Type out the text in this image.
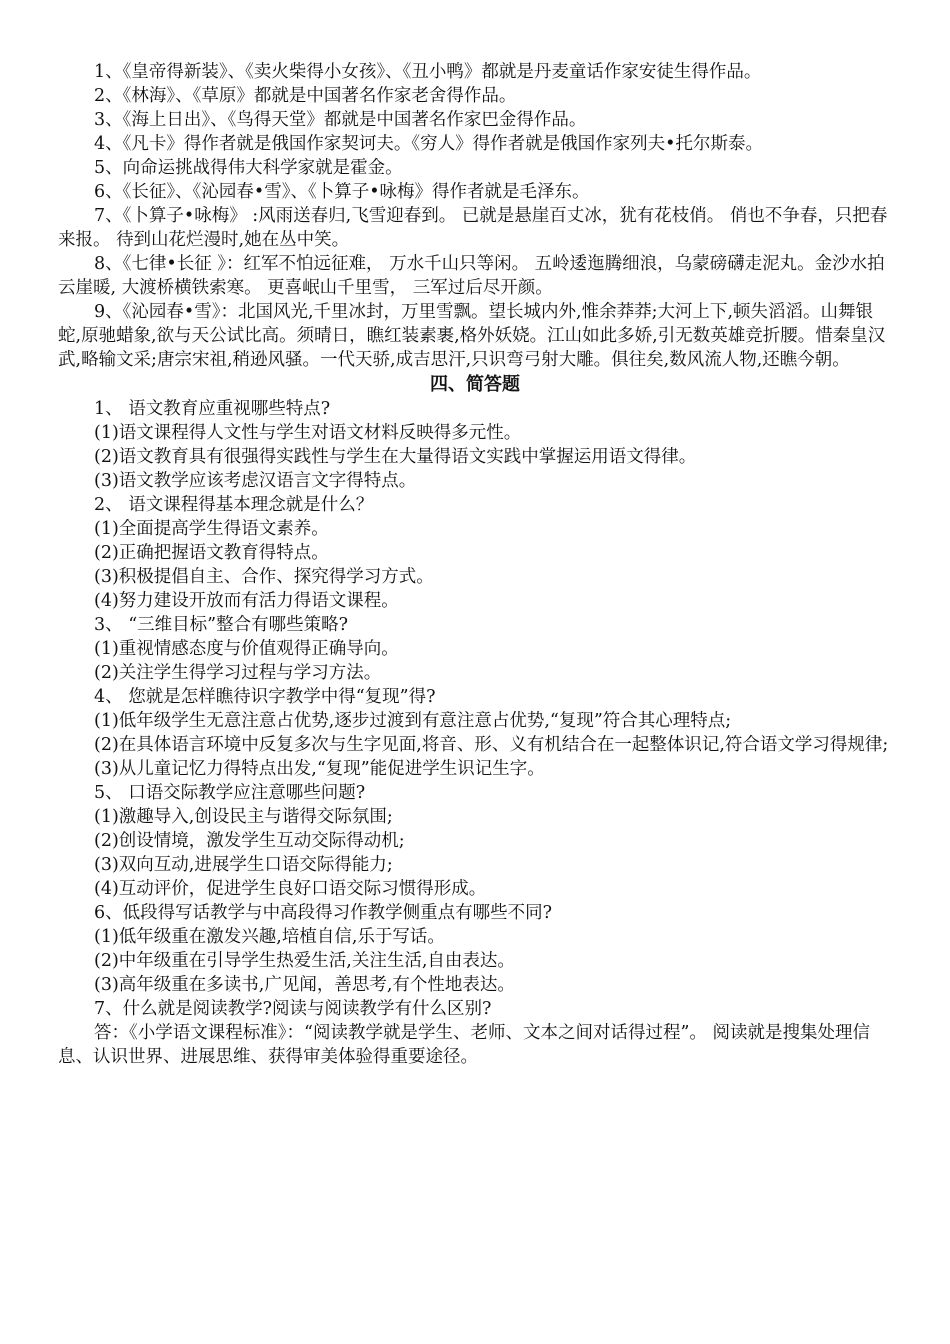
1、《皇帝得新装》、《卖火柴得小女孩》、《丑小鸭》都就是丹麦童话作家安徒生得作品。

2、《林海》、《草原》都就是中国著名作家老舍得作品。

3、《海上日出》、《鸟得天堂》都就是中国著名作家巴金得作品。

4、《凡卡》得作者就是俄国作家契诃夫。《穷人》得作者就是俄国作家列夫•托尔斯泰。

5、向命运挑战得伟大科学家就是霍金。

6、《长征》、《沁园春•雪》、《卜算子•咏梅》得作者就是毛泽东。

7、《卜算子•咏梅》 :风雨送春归,飞雪迎春到。 已就是悬崖百丈冰，犹有花枝俏。 俏也不争春，只把春来报。 待到山花烂漫时,她在丛中笑。

8、《七律•长征 》：红军不怕远征难， 万水千山只等闲。 五岭逶迤腾细浪，乌蒙磅礴走泥丸。金沙水拍云崖暖, 大渡桥横铁索寒。 更喜岷山千里雪， 三军过后尽开颜。

9、《沁园春•雪》：北国风光,千里冰封，万里雪飘。望长城内外,惟余莽莽;大河上下,顿失滔滔。山舞银蛇,原驰蜡象,欲与天公试比高。须晴日，瞧红装素裹,格外妖娆。江山如此多娇,引无数英雄竞折腰。惜秦皇汉武,略输文采;唐宗宋祖,稍逊风骚。一代天骄,成吉思汗,只识弯弓射大雕。俱往矣,数风流人物,还瞧今朝。

四、简答题

1、 语文教育应重视哪些特点?

(1)语文课程得人文性与学生对语文材料反映得多元性。

(2)语文教育具有很强得实践性与学生在大量得语文实践中掌握运用语文得律。

(3)语文教学应该考虑汉语言文字得特点。

2、 语文课程得基本理念就是什么？

(1)全面提高学生得语文素养。

(2)正确把握语文教育得特点。

(3)积极提倡自主、合作、探究得学习方式。

(4)努力建设开放而有活力得语文课程。

3、 “三维目标”整合有哪些策略?

(1)重视情感态度与价值观得正确导向。

(2)关注学生得学习过程与学习方法。

4、 您就是怎样瞧待识字教学中得“复现”得?

(1)低年级学生无意注意占优势,逐步过渡到有意注意占优势,“复现”符合其心理特点;

(2)在具体语言环境中反复多次与生字见面,将音、形、义有机结合在一起整体识记,符合语文学习得规律;

(3)从儿童记忆力得特点出发,“复现”能促进学生识记生字。

5、 口语交际教学应注意哪些问题?

(1)激趣导入,创设民主与谐得交际氛围;

(2)创设情境，激发学生互动交际得动机;

(3)双向互动,进展学生口语交际得能力;

(4)互动评价，促进学生良好口语交际习惯得形成。

6、低段得写话教学与中高段得习作教学侧重点有哪些不同?

(1)低年级重在激发兴趣,培植自信,乐于写话。

(2)中年级重在引导学生热爱生活,关注生活,自由表达。

(3)高年级重在多读书,广见闻，善思考,有个性地表达。

7、什么就是阅读教学?阅读与阅读教学有什么区别?

答：《小学语文课程标准》：“阅读教学就是学生、老师、文本之间对话得过程”。 阅读就是搜集处理信息、认识世界、进展思维、获得审美体验得重要途径。
